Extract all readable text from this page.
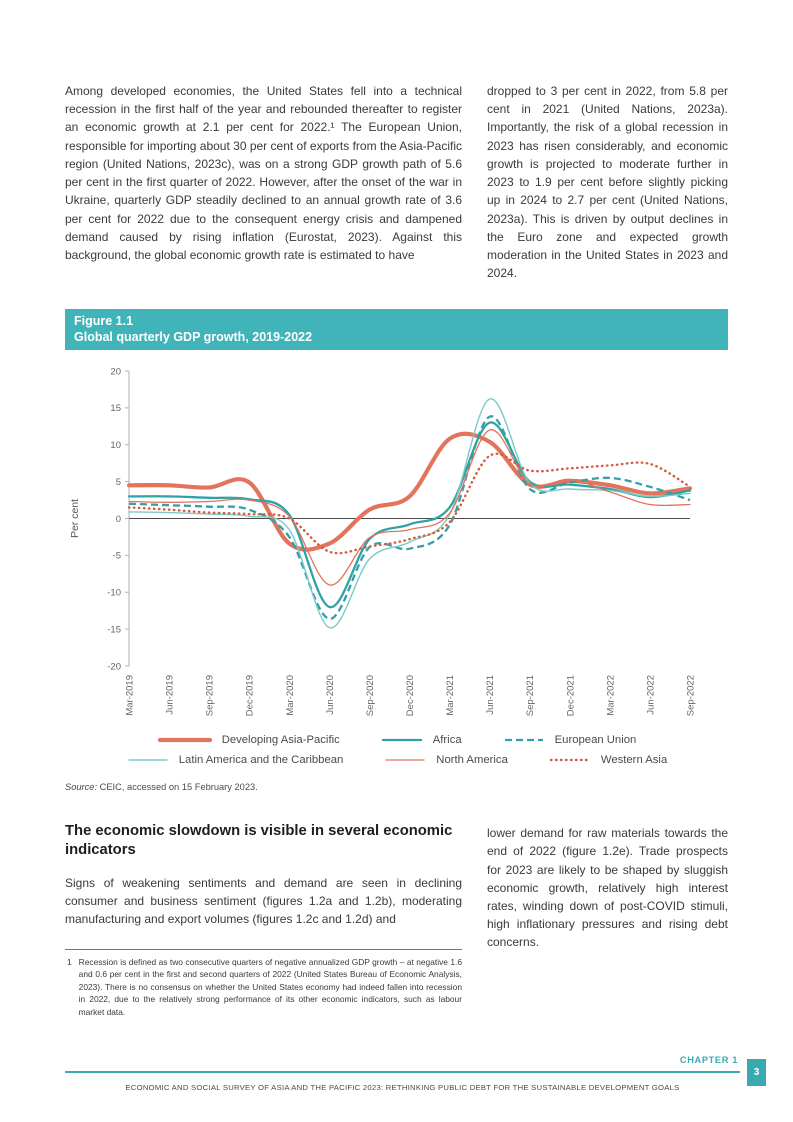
Among developed economies, the United States fell into a technical recession in the first half of the year and rebounded thereafter to register an economic growth at 2.1 per cent for 2022.¹ The European Union, responsible for importing about 30 per cent of exports from the Asia-Pacific region (United Nations, 2023c), was on a strong GDP growth path of 5.6 per cent in the first quarter of 2022. However, after the onset of the war in Ukraine, quarterly GDP steadily declined to an annual growth rate of 3.6 per cent for 2022 due to the consequent energy crisis and dampened demand caused by rising inflation (Eurostat, 2023). Against this background, the global economic growth rate is estimated to have

dropped to 3 per cent in 2022, from 5.8 per cent in 2021 (United Nations, 2023a). Importantly, the risk of a global recession in 2023 has risen considerably, and economic growth is projected to moderate further in 2023 to 1.9 per cent before slightly picking up in 2024 to 2.7 per cent (United Nations, 2023a). This is driven by output declines in the Euro zone and expected growth moderation in the United States in 2023 and 2024.

Figure 1.1
Global quarterly GDP growth, 2019-2022
20
15
10
5
0
-5
-10
-15
-20
Mar-2019	Jun-2019	Sep-2019	Dec-2019	Mar-2020	Jun-2020	Sep-2020	Dec-2020	Mar-2021	Jun-2021	Sep-2021	Dec-2021	Mar-2022	Jun-2022	Sep-2022
Per cent
Developing Asia-Pacific	Africa	European Union
Latin America and the Caribbean	North America	Western Asia

Source: CEIC, accessed on 15 February 2023.

The economic slowdown is visible in several economic indicators

Signs of weakening sentiments and demand are seen in declining consumer and business sentiment (figures 1.2a and 1.2b), moderating manufacturing and export volumes (figures 1.2c and 1.2d) and

1 Recession is defined as two consecutive quarters of negative annualized GDP growth – at negative 1.6 and 0.6 per cent in the first and second quarters of 2022 (United States Bureau of Economic Analysis, 2023). There is no consensus on whether the United States economy had indeed fallen into recession in 2022, due to the relatively strong performance of its other economic indicators, such as labour market data.

lower demand for raw materials towards the end of 2022 (figure 1.2e). Trade prospects for 2023 are likely to be shaped by sluggish economic growth, relatively high interest rates, winding down of post-COVID stimuli, high inflationary pressures and rising debt concerns.

CHAPTER 1
3
ECONOMIC AND SOCIAL SURVEY OF ASIA AND THE PACIFIC 2023: RETHINKING PUBLIC DEBT FOR THE SUSTAINABLE DEVELOPMENT GOALS
